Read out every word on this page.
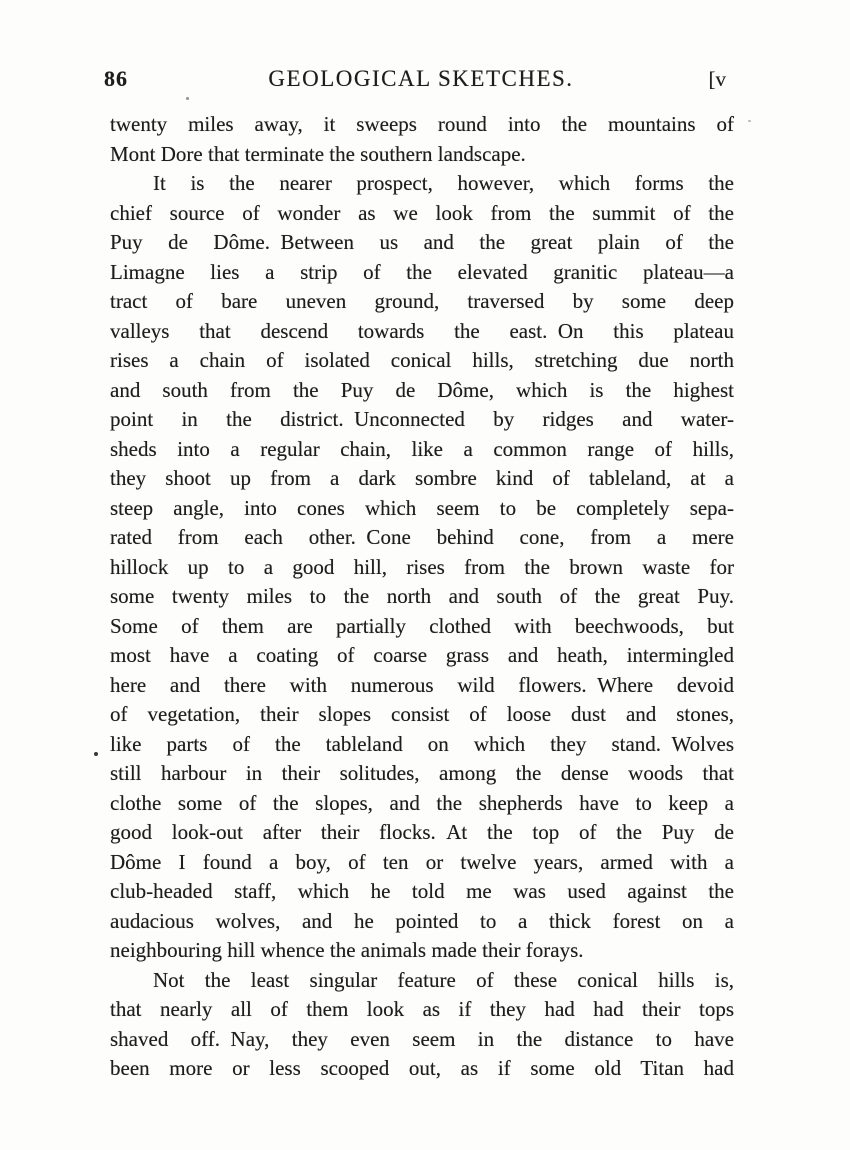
86	GEOLOGICAL SKETCHES.	[v
twenty miles away, it sweeps round into the mountains of
Mont Dore that terminate the southern landscape.
It is the nearer prospect, however, which forms the
chief source of wonder as we look from the summit of the
Puy de Dôme. Between us and the great plain of the
Limagne lies a strip of the elevated granitic plateau—a
tract of bare uneven ground, traversed by some deep
valleys that descend towards the east. On this plateau
rises a chain of isolated conical hills, stretching due north
and south from the Puy de Dôme, which is the highest
point in the district. Unconnected by ridges and water-
sheds into a regular chain, like a common range of hills,
they shoot up from a dark sombre kind of tableland, at a
steep angle, into cones which seem to be completely sepa-
rated from each other. Cone behind cone, from a mere
hillock up to a good hill, rises from the brown waste for
some twenty miles to the north and south of the great Puy.
Some of them are partially clothed with beechwoods, but
most have a coating of coarse grass and heath, intermingled
here and there with numerous wild flowers. Where devoid
of vegetation, their slopes consist of loose dust and stones,
like parts of the tableland on which they stand. Wolves
still harbour in their solitudes, among the dense woods that
clothe some of the slopes, and the shepherds have to keep a
good look-out after their flocks. At the top of the Puy de
Dôme I found a boy, of ten or twelve years, armed with a
club-headed staff, which he told me was used against the
audacious wolves, and he pointed to a thick forest on a
neighbouring hill whence the animals made their forays.
Not the least singular feature of these conical hills is,
that nearly all of them look as if they had had their tops
shaved off. Nay, they even seem in the distance to have
been more or less scooped out, as if some old Titan had
